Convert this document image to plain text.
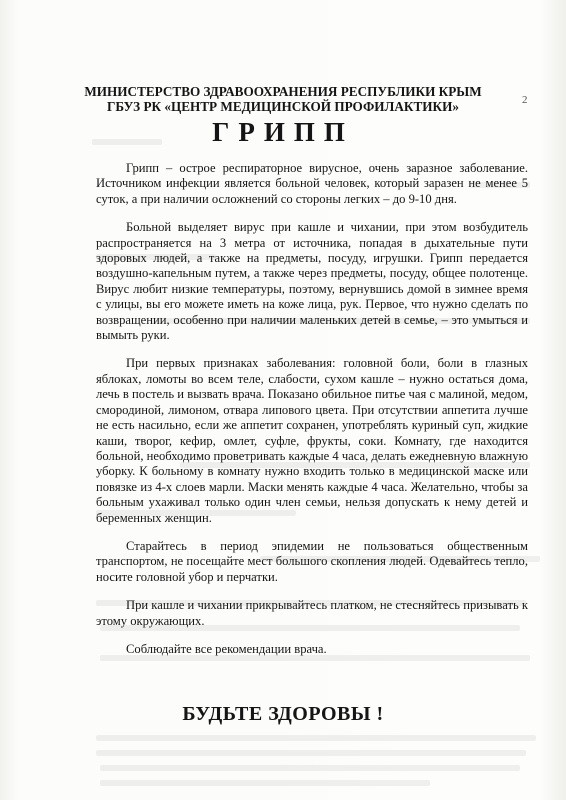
МИНИСТЕРСТВО ЗДРАВООХРАНЕНИЯ РЕСПУБЛИКИ КРЫМ
ГБУЗ РК «ЦЕНТР МЕДИЦИНСКОЙ ПРОФИЛАКТИКИ»	2
ГРИПП

Грипп – острое респираторное вирусное, очень заразное заболевание. Источником инфекции является больной человек, который заразен не менее 5 суток, а при наличии осложнений со стороны легких – до 9-10 дня.

Больной выделяет вирус при кашле и чихании, при этом возбудитель распространяется на 3 метра от источника, попадая в дыхательные пути здоровых людей, а также на предметы, посуду, игрушки. Грипп передается воздушно-капельным путем, а также через предметы, посуду, общее полотенце. Вирус любит низкие температуры, поэтому, вернувшись домой в зимнее время с улицы, вы его можете иметь на коже лица, рук. Первое, что нужно сделать по возвращении, особенно при наличии маленьких детей в семье, – это умыться и вымыть руки.

При первых признаках заболевания: головной боли, боли в глазных яблоках, ломоты во всем теле, слабости, сухом кашле – нужно остаться дома, лечь в постель и вызвать врача. Показано обильное питье чая с малиной, медом, смородиной, лимоном, отвара липового цвета. При отсутствии аппетита лучше не есть насильно, если же аппетит сохранен, употреблять куриный суп, жидкие каши, творог, кефир, омлет, суфле, фрукты, соки. Комнату, где находится больной, необходимо проветривать каждые 4 часа, делать ежедневную влажную уборку. К больному в комнату нужно входить только в медицинской маске или повязке из 4-х слоев марли. Маски менять каждые 4 часа. Желательно, чтобы за больным ухаживал только один член семьи, нельзя допускать к нему детей и беременных женщин.

Старайтесь в период эпидемии не пользоваться общественным транспортом, не посещайте мест большого скопления людей. Одевайтесь тепло, носите головной убор и перчатки.

При кашле и чихании прикрывайтесь платком, не стесняйтесь призывать к этому окружающих.

Соблюдайте все рекомендации врача.

БУДЬТЕ ЗДОРОВЫ !
